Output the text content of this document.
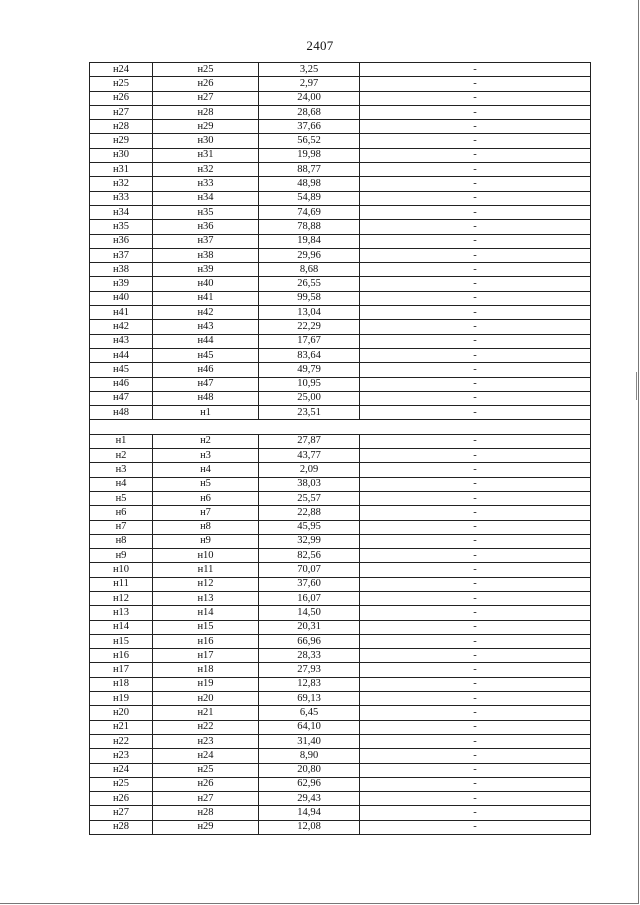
2407
н24	н25	3,25	-
н25	н26	2,97	-
н26	н27	24,00	-
н27	н28	28,68	-
н28	н29	37,66	-
н29	н30	56,52	-
н30	н31	19,98	-
н31	н32	88,77	-
н32	н33	48,98	-
н33	н34	54,89	-
н34	н35	74,69	-
н35	н36	78,88	-
н36	н37	19,84	-
н37	н38	29,96	-
н38	н39	8,68	-
н39	н40	26,55	-
н40	н41	99,58	-
н41	н42	13,04	-
н42	н43	22,29	-
н43	н44	17,67	-
н44	н45	83,64	-
н45	н46	49,79	-
н46	н47	10,95	-
н47	н48	25,00	-
н48	н1	23,51	-

н1	н2	27,87	-
н2	н3	43,77	-
н3	н4	2,09	-
н4	н5	38,03	-
н5	н6	25,57	-
н6	н7	22,88	-
н7	н8	45,95	-
н8	н9	32,99	-
н9	н10	82,56	-
н10	н11	70,07	-
н11	н12	37,60	-
н12	н13	16,07	-
н13	н14	14,50	-
н14	н15	20,31	-
н15	н16	66,96	-
н16	н17	28,33	-
н17	н18	27,93	-
н18	н19	12,83	-
н19	н20	69,13	-
н20	н21	6,45	-
н21	н22	64,10	-
н22	н23	31,40	-
н23	н24	8,90	-
н24	н25	20,80	-
н25	н26	62,96	-
н26	н27	29,43	-
н27	н28	14,94	-
н28	н29	12,08	-
